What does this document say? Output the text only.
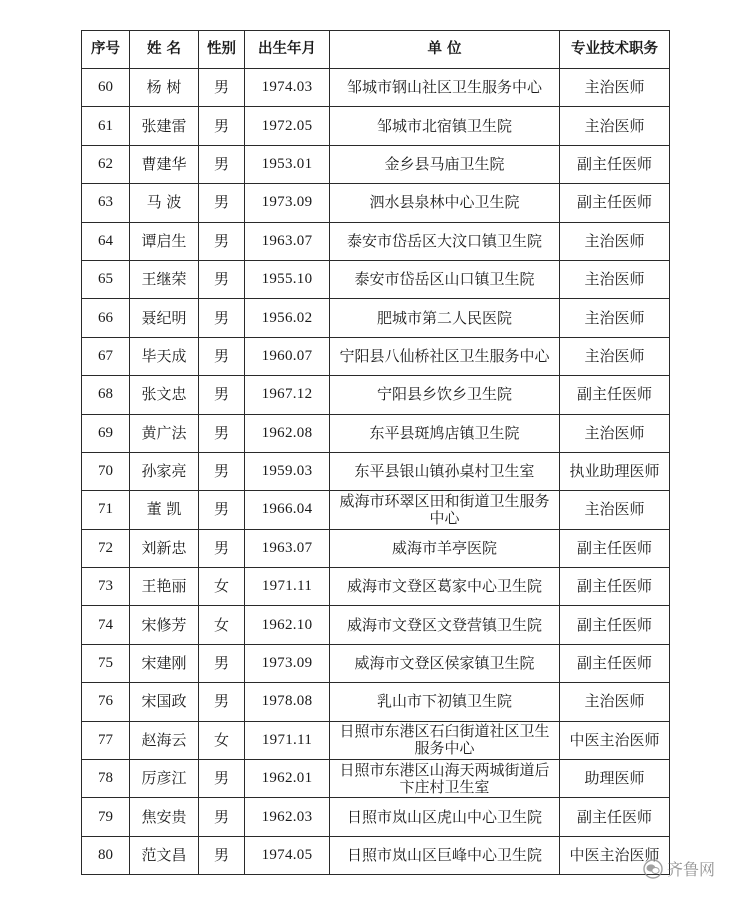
序号	姓 名	性别	出生年月	单 位	专业技术职务
60	杨 树	男	1974.03	邹城市钢山社区卫生服务中心	主治医师
61	张建雷	男	1972.05	邹城市北宿镇卫生院	主治医师
62	曹建华	男	1953.01	金乡县马庙卫生院	副主任医师
63	马 波	男	1973.09	泗水县泉林中心卫生院	副主任医师
64	谭启生	男	1963.07	泰安市岱岳区大汶口镇卫生院	主治医师
65	王继荣	男	1955.10	泰安市岱岳区山口镇卫生院	主治医师
66	聂纪明	男	1956.02	肥城市第二人民医院	主治医师
67	毕天成	男	1960.07	宁阳县八仙桥社区卫生服务中心	主治医师
68	张文忠	男	1967.12	宁阳县乡饮乡卫生院	副主任医师
69	黄广法	男	1962.08	东平县斑鸠店镇卫生院	主治医师
70	孙家亮	男	1959.03	东平县银山镇孙桌村卫生室	执业助理医师
71	董 凯	男	1966.04	威海市环翠区田和街道卫生服务中心	主治医师
72	刘新忠	男	1963.07	威海市羊亭医院	副主任医师
73	王艳丽	女	1971.11	威海市文登区葛家中心卫生院	副主任医师
74	宋修芳	女	1962.10	威海市文登区文登营镇卫生院	副主任医师
75	宋建刚	男	1973.09	威海市文登区侯家镇卫生院	副主任医师
76	宋国政	男	1978.08	乳山市下初镇卫生院	主治医师
77	赵海云	女	1971.11	日照市东港区石臼街道社区卫生服务中心	中医主治医师
78	厉彦江	男	1962.01	日照市东港区山海天两城街道后卞庄村卫生室	助理医师
79	焦安贵	男	1962.03	日照市岚山区虎山中心卫生院	副主任医师
80	范文昌	男	1974.05	日照市岚山区巨峰中心卫生院	中医主治医师
齐鲁网
